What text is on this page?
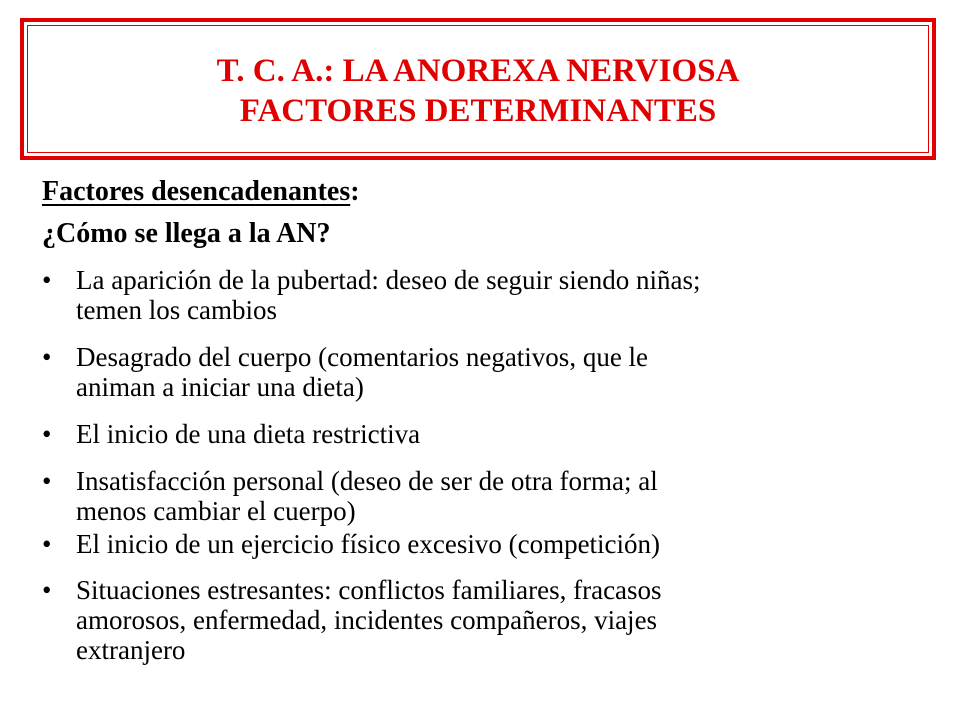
T. C. A.: LA ANOREXA NERVIOSA
FACTORES DETERMINANTES
Factores desencadenantes:
¿Cómo se llega a la AN?
• La aparición de la pubertad: deseo de seguir siendo niñas;
temen los cambios
• Desagrado del cuerpo (comentarios negativos, que le
animan a iniciar una dieta)
• El inicio de una dieta restrictiva
• Insatisfacción personal (deseo de ser de otra forma; al
menos cambiar el cuerpo)
• El inicio de un ejercicio físico excesivo (competición)
• Situaciones estresantes: conflictos familiares, fracasos
amorosos, enfermedad, incidentes compañeros, viajes
extranjero
